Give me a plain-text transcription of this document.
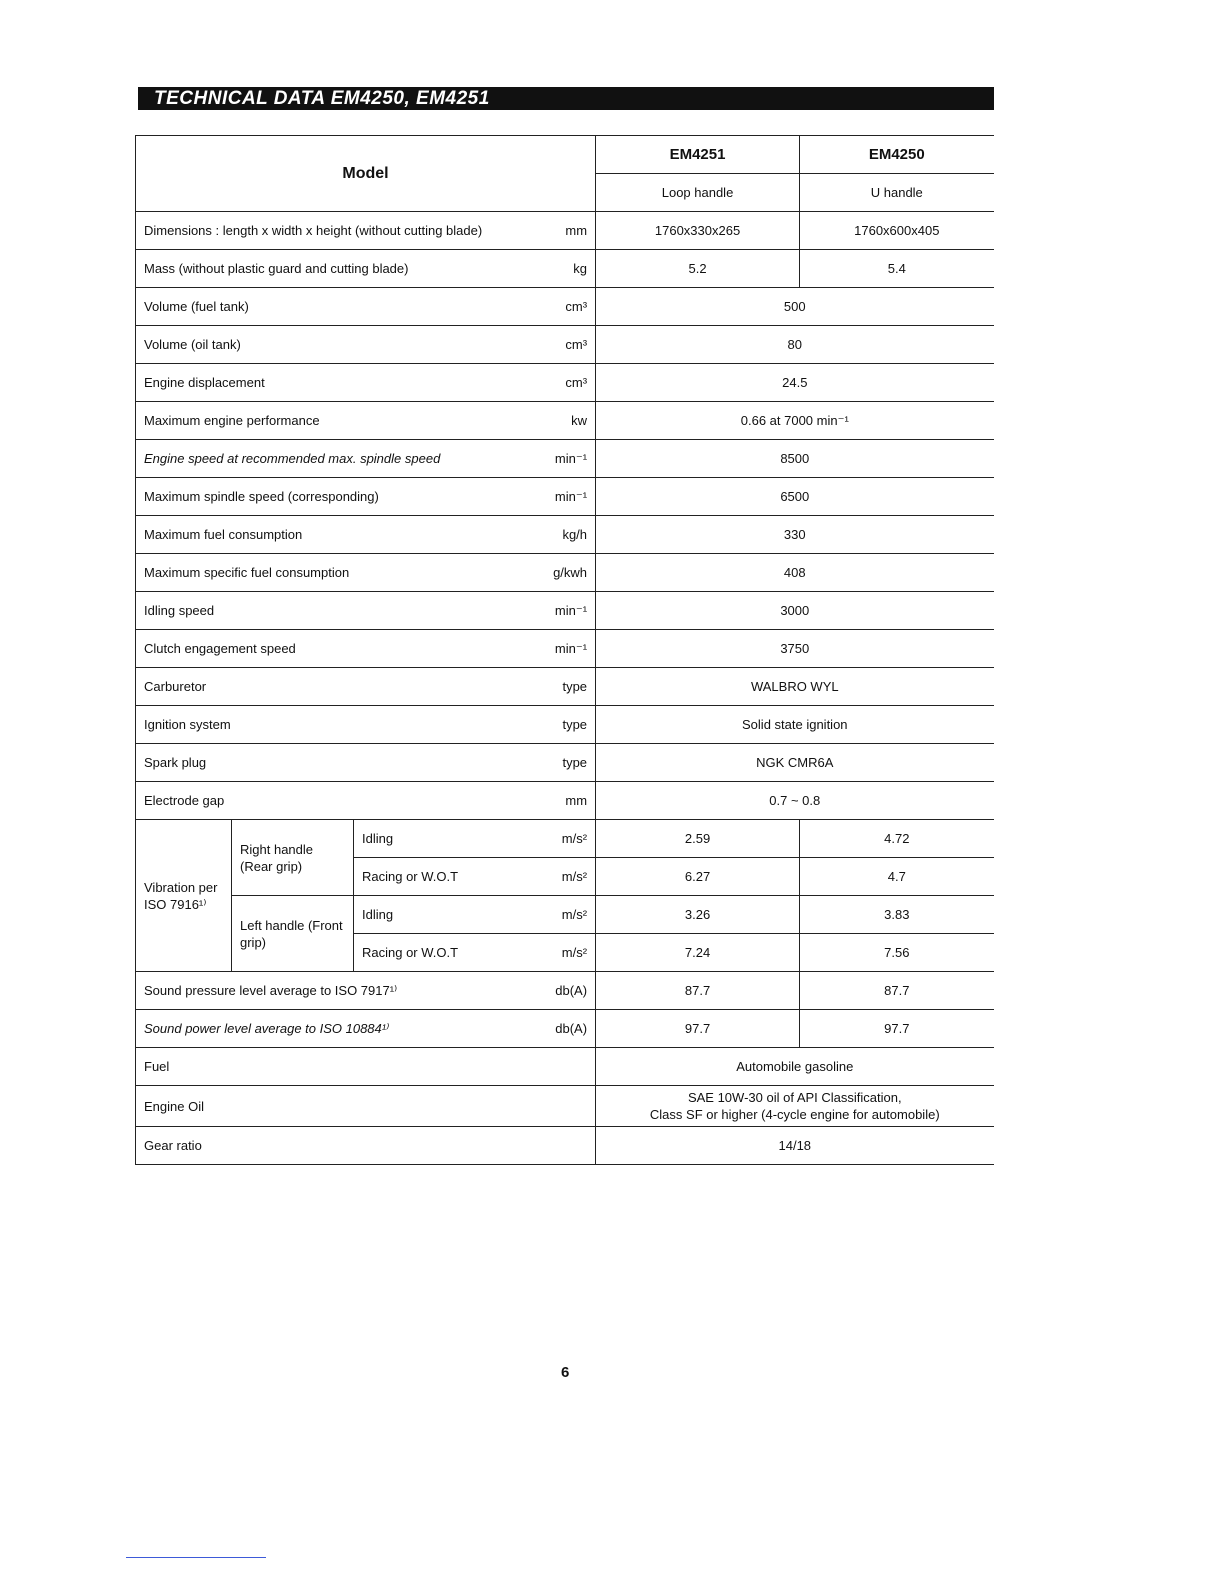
TECHNICAL DATA EM4250, EM4251
Model				EM4251	EM4250
				Loop handle	U handle
Dimensions : length x width x height (without cutting blade)			mm	1760x330x265	1760x600x405
Mass (without plastic guard and cutting blade)			kg	5.2	5.4
Volume (fuel tank)			cm³	500	
Volume (oil tank)			cm³	80	
Engine displacement			cm³	24.5	
Maximum engine performance			kw	0.66 at 7000 min⁻¹	
Engine speed at recommended max. spindle speed			min⁻¹	8500	
Maximum spindle speed (corresponding)			min⁻¹	6500	
Maximum fuel consumption			kg/h	330	
Maximum specific fuel consumption			g/kwh	408	
Idling speed			min⁻¹	3000	
Clutch engagement speed			min⁻¹	3750	
Carburetor			type	WALBRO WYL	
Ignition system			type	Solid state ignition	
Spark plug			type	NGK CMR6A	
Electrode gap			mm	0.7 ~ 0.8	
Vibration per ISO 7916¹⁾	Right handle (Rear grip)	Idling	m/s²	2.59	4.72
		Racing or W.O.T	m/s²	6.27	4.7
	Left handle (Front grip)	Idling	m/s²	3.26	3.83
		Racing or W.O.T	m/s²	7.24	7.56
Sound pressure level average to ISO 7917¹⁾			db(A)	87.7	87.7
Sound power level average to ISO 10884¹⁾			db(A)	97.7	97.7
Fuel				Automobile gasoline	
Engine Oil				SAE 10W-30 oil of API Classification,
Class SF or higher (4-cycle engine for automobile)	

Gear ratio				14/18	
6
